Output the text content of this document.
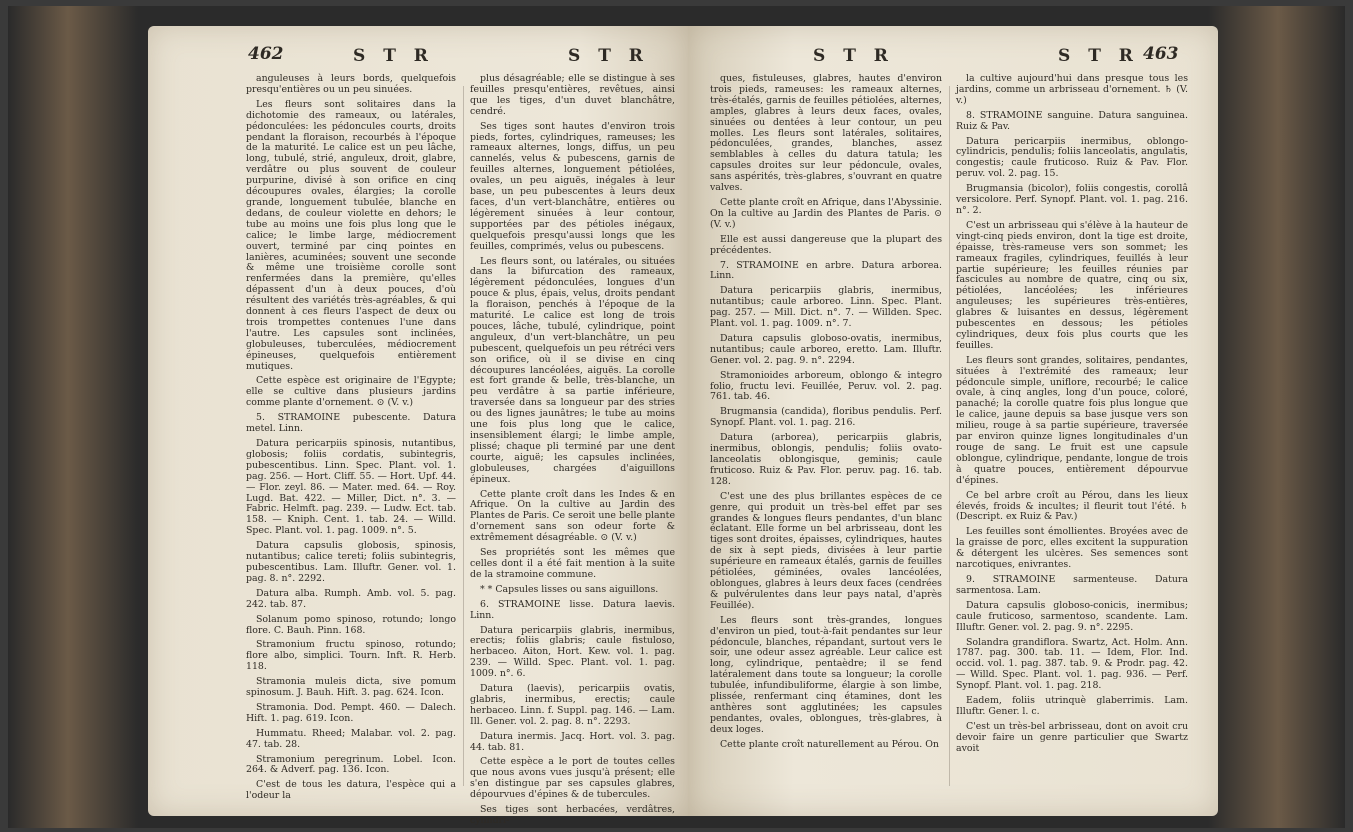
462	S T R	S T R

anguleuses à leurs bords, quelquefois presqu'entières ou un peu sinuées.

Les fleurs sont solitaires dans la dichotomie des rameaux, ou latérales, pédonculées: les pédoncules courts, droits pendant la floraison, recourbés à l'époque de la maturité. Le calice est un peu lâche, long, tubulé, strié, anguleux, droit, glabre, verdâtre ou plus souvent de couleur purpurine, divisé à son orifice en cinq découpures ovales, élargies; la corolle grande, longuement tubulée, blanche en dedans, de couleur violette en dehors; le tube au moins une fois plus long que le calice; le limbe large, médiocrement ouvert, terminé par cinq pointes en lanières, acuminées; souvent une seconde & même une troisième corolle sont renfermées dans la première, qu'elles dépassent d'un à deux pouces, d'où résultent des variétés très-agréables, & qui donnent à ces fleurs l'aspect de deux ou trois trompettes contenues l'une dans l'autre. Les capsules sont inclinées, globuleuses, tuberculées, médiocrement épineuses, quelquefois entièrement mutiques.

Cette espèce est originaire de l'Egypte; elle se cultive dans plusieurs jardins comme plante d'ornement. ⊙ (V. v.)

5. STRAMOINE pubescente. Datura metel. Linn.

Datura pericarpiis spinosis, nutantibus, globosis; foliis cordatis, subintegris, pubescentibus. Linn. Spec. Plant. vol. 1. pag. 256. — Hort. Cliff. 55. — Hort. Upf. 44. — Flor. zeyl. 86. — Mater. med. 64. — Roy. Lugd. Bat. 422. — Miller, Dict. n°. 3. — Fabric. Helmft. pag. 239. — Ludw. Ect. tab. 158. — Kniph. Cent. 1. tab. 24. — Willd. Spec. Plant. vol. 1. pag. 1009. n°. 5.

Datura capsulis globosis, spinosis, nutantibus; calice tereti; foliis subintegris, pubescentibus. Lam. Illuftr. Gener. vol. 1. pag. 8. n°. 2292.

Datura alba. Rumph. Amb. vol. 5. pag. 242. tab. 87.

Solanum pomo spinoso, rotundo; longo flore. C. Bauh. Pinn. 168.

Stramonium fructu spinoso, rotundo; flore albo, simplici. Tourn. Inft. R. Herb. 118.

Stramonia muleis dicta, sive pomum spinosum. J. Bauh. Hift. 3. pag. 624. Icon.

Stramonia. Dod. Pempt. 460. — Dalech. Hift. 1. pag. 619. Icon.

Hummatu. Rheed; Malabar. vol. 2. pag. 47. tab. 28.

Stramonium peregrinum. Lobel. Icon. 264. & Adverf. pag. 136. Icon.

C'est de tous les datura, l'espèce qui a l'odeur la

plus désagréable; elle se distingue à ses feuilles presqu'entières, revêtues, ainsi que les tiges, d'un duvet blanchâtre, cendré.

Ses tiges sont hautes d'environ trois pieds, fortes, cylindriques, rameuses; les rameaux alternes, longs, diffus, un peu cannelés, velus & pubescens, garnis de feuilles alternes, longuement pétiolées, ovales, un peu aiguës, inégales à leur base, un peu pubescentes à leurs deux faces, d'un vert-blanchâtre, entières ou légèrement sinuées à leur contour, supportées par des pétioles inégaux, quelquefois presqu'aussi longs que les feuilles, comprimés, velus ou pubescens.

Les fleurs sont, ou latérales, ou situées dans la bifurcation des rameaux, légèrement pédonculées, longues d'un pouce & plus, épais, velus, droits pendant la floraison, penchés à l'époque de la maturité. Le calice est long de trois pouces, lâche, tubulé, cylindrique, point anguleux, d'un vert-blanchâtre, un peu pubescent, quelquefois un peu rétréci vers son orifice, où il se divise en cinq découpures lancéolées, aiguës. La corolle est fort grande & belle, très-blanche, un peu verdâtre à sa partie inférieure, traversée dans sa longueur par des stries ou des lignes jaunâtres; le tube au moins une fois plus long que le calice, insensiblement élargi; le limbe ample, plissé; chaque pli terminé par une dent courte, aiguë; les capsules inclinées, globuleuses, chargées d'aiguillons épineux.

Cette plante croît dans les Indes & en Afrique. On la cultive au Jardin des Plantes de Paris. Ce seroit une belle plante d'ornement sans son odeur forte & extrêmement désagréable. ⊙ (V. v.)

Ses propriétés sont les mêmes que celles dont il a été fait mention à la suite de la stramoine commune.

* * Capsules lisses ou sans aiguillons.

6. STRAMOINE lisse. Datura laevis. Linn.

Datura pericarpiis glabris, inermibus, erectis; foliis glabris; caule fistuloso, herbaceo. Aiton, Hort. Kew. vol. 1. pag. 239. — Willd. Spec. Plant. vol. 1. pag. 1009. n°. 6.

Datura (laevis), pericarpiis ovatis, glabris, inermibus, erectis; caule herbaceo. Linn. f. Suppl. pag. 146. — Lam. Ill. Gener. vol. 2. pag. 8. n°. 2293.

Datura inermis. Jacq. Hort. vol. 3. pag. 44. tab. 81.

Cette espèce a le port de toutes celles que nous avons vues jusqu'à présent; elle s'en distingue par ses capsules glabres, dépourvues d'épines & de tubercules.

Ses tiges sont herbacées, verdâtres, cylindri-

S T R	S T R 463

ques, fistuleuses, glabres, hautes d'environ trois pieds, rameuses: les rameaux alternes, très-étalés, garnis de feuilles pétiolées, alternes, amples, glabres à leurs deux faces, ovales, sinuées ou dentées à leur contour, un peu molles. Les fleurs sont latérales, solitaires, pédonculées, grandes, blanches, assez semblables à celles du datura tatula; les capsules droites sur leur pédoncule, ovales, sans aspérités, très-glabres, s'ouvrant en quatre valves.

Cette plante croît en Afrique, dans l'Abyssinie. On la cultive au Jardin des Plantes de Paris. ⊙ (V. v.)

Elle est aussi dangereuse que la plupart des précédentes.

7. STRAMOINE en arbre. Datura arborea. Linn.

Datura pericarpiis glabris, inermibus, nutantibus; caule arboreo. Linn. Spec. Plant. pag. 257. — Mill. Dict. n°. 7. — Willden. Spec. Plant. vol. 1. pag. 1009. n°. 7.

Datura capsulis globoso-ovatis, inermibus, nutantibus; caule arboreo, eretto. Lam. Illuftr. Gener. vol. 2. pag. 9. n°. 2294.

Stramonioides arboreum, oblongo & integro folio, fructu levi. Feuillée, Peruv. vol. 2. pag. 761. tab. 46.

Brugmansia (candida), floribus pendulis. Perf. Synopf. Plant. vol. 1. pag. 216.

Datura (arborea), pericarpiis glabris, inermibus, oblongis, pendulis; foliis ovato-lanceolatis oblongisque, geminis; caule fruticoso. Ruiz & Pav. Flor. peruv. pag. 16. tab. 128.

C'est une des plus brillantes espèces de ce genre, qui produit un très-bel effet par ses grandes & longues fleurs pendantes, d'un blanc éclatant. Elle forme un bel arbrisseau, dont les tiges sont droites, épaisses, cylindriques, hautes de six à sept pieds, divisées à leur partie supérieure en rameaux étalés, garnis de feuilles pétiolées, géminées, ovales lancéolées, oblongues, glabres à leurs deux faces (cendrées & pulvérulentes dans leur pays natal, d'après Feuillée).

Les fleurs sont très-grandes, longues d'environ un pied, tout-à-fait pendantes sur leur pédoncule, blanches, répandant, surtout vers le soir, une odeur assez agréable. Leur calice est long, cylindrique, pentaèdre; il se fend latéralement dans toute sa longueur; la corolle tubulée, infundibuliforme, élargie à son limbe, plissée, renfermant cinq étamines, dont les anthères sont agglutinées; les capsules pendantes, ovales, oblongues, très-glabres, à deux loges.

Cette plante croît naturellement au Pérou. On

la cultive aujourd'hui dans presque tous les jardins, comme un arbrisseau d'ornement. ♄ (V. v.)

8. STRAMOINE sanguine. Datura sanguinea. Ruiz & Pav.

Datura pericarpiis inermibus, oblongo-cylindricis, pendulis; foliis lanceolatis, angulatis, congestis; caule fruticoso. Ruiz & Pav. Flor. peruv. vol. 2. pag. 15.

Brugmansia (bicolor), foliis congestis, corollâ versicolore. Perf. Synopf. Plant. vol. 1. pag. 216. n°. 2.

C'est un arbrisseau qui s'élève à la hauteur de vingt-cinq pieds environ, dont la tige est droite, épaisse, très-rameuse vers son sommet; les rameaux fragiles, cylindriques, feuillés à leur partie supérieure; les feuilles réunies par fascicules au nombre de quatre, cinq ou six, pétiolées, lancéolées; les inférieures anguleuses; les supérieures très-entières, glabres & luisantes en dessus, légèrement pubescentes en dessous; les pétioles cylindriques, deux fois plus courts que les feuilles.

Les fleurs sont grandes, solitaires, pendantes, situées à l'extrémité des rameaux; leur pédoncule simple, uniflore, recourbé; le calice ovale, à cinq angles, long d'un pouce, coloré, panaché; la corolle quatre fois plus longue que le calice, jaune depuis sa base jusque vers son milieu, rouge à sa partie supérieure, traversée par environ quinze lignes longitudinales d'un rouge de sang. Le fruit est une capsule oblongue, cylindrique, pendante, longue de trois à quatre pouces, entièrement dépourvue d'épines.

Ce bel arbre croît au Pérou, dans les lieux élevés, froids & incultes; il fleurit tout l'été. ♄ (Descript. ex Ruiz & Pav.)

Les feuilles sont émollientes. Broyées avec de la graisse de porc, elles excitent la suppuration & détergent les ulcères. Ses semences sont narcotiques, enivrantes.

9. STRAMOINE sarmenteuse. Datura sarmentosa. Lam.

Datura capsulis globoso-conicis, inermibus; caule fruticoso, sarmentoso, scandente. Lam. Illuftr. Gener. vol. 2. pag. 9. n°. 2295.

Solandra grandiflora. Swartz, Act. Holm. Ann. 1787. pag. 300. tab. 11. — Idem, Flor. Ind. occid. vol. 1. pag. 387. tab. 9. & Prodr. pag. 42. — Willd. Spec. Plant. vol. 1. pag. 936. — Perf. Synopf. Plant. vol. 1. pag. 218.

Eadem, foliis utrinquè glaberrimis. Lam. Illuftr. Gener. l. c.

C'est un très-bel arbrisseau, dont on avoit cru devoir faire un genre particulier que Swartz avoit
